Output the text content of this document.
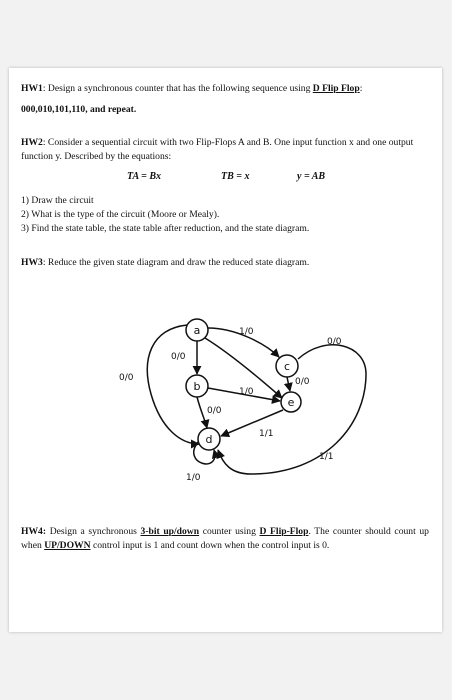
HW1: Design a synchronous counter that has the following sequence using D Flip Flop:

000,010,101,110, and repeat.

HW2: Consider a sequential circuit with two Flip-Flops A and B. One input function x and one output function y. Described by the equations:

TA = Bx	TB = x	y = AB

1) Draw the circuit

2) What is the type of the circuit (Moore or Mealy).

3) Find the state table, the state table after reduction, and the state diagram.

HW3: Reduce the given state diagram and draw the reduced state diagram.

a
b
c
d
e
1/0
0/0
0/0
0/0
1/0
0/0
0/0
1/1
1/1
1/0

HW4: Design a synchronous 3-bit up/down counter using D Flip-Flop. The counter should count up when UP/DOWN control input is 1 and count down when the control input is 0.
